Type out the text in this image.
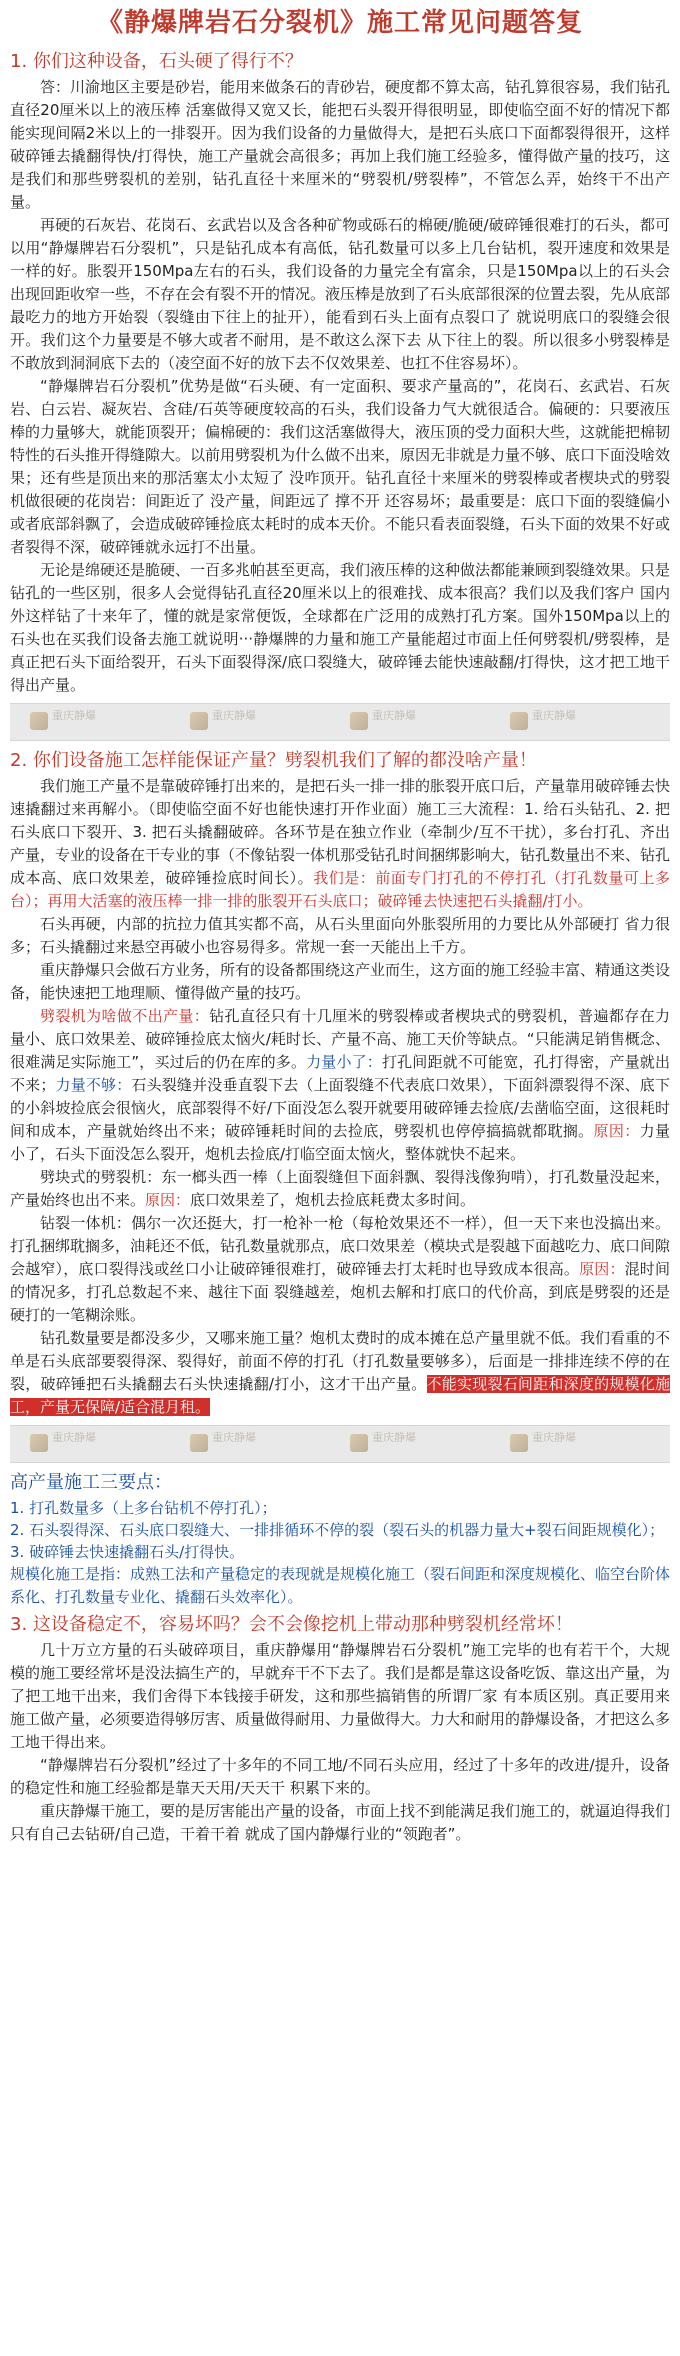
《静爆牌岩石分裂机》施工常见问题答复
1. 你们这种设备，石头硬了得行不？

答：川渝地区主要是砂岩，能用来做条石的青砂岩，硬度都不算太高，钻孔算很容易，我们钻孔直径20厘米以上的液压棒 活塞做得又宽又长，能把石头裂开得很明显，即使临空面不好的情况下都能实现间隔2米以上的一排裂开。因为我们设备的力量做得大，是把石头底口下面都裂得很开，这样破碎锤去撬翻得快/打得快，施工产量就会高很多；再加上我们施工经验多，懂得做产量的技巧，这是我们和那些劈裂机的差别，钻孔直径十来厘米的“劈裂机/劈裂棒”，不管怎么弄，始终干不出产量。

再硬的石灰岩、花岗石、玄武岩以及含各种矿物或砾石的棉硬/脆硬/破碎锤很难打的石头，都可以用“静爆牌岩石分裂机”，只是钻孔成本有高低，钻孔数量可以多上几台钻机，裂开速度和效果是一样的好。胀裂开150Mpa左右的石头，我们设备的力量完全有富余，只是150Mpa以上的石头会出现回距收窄一些，不存在会有裂不开的情况。液压棒是放到了石头底部很深的位置去裂，先从底部最吃力的地方开始裂（裂缝由下往上的扯开），能看到石头上面有点裂口了 就说明底口的裂缝会很开。我们这个力量要是不够大或者不耐用，是不敢这么深下去 从下往上的裂。所以很多小劈裂棒是不敢放到洞洞底下去的（凌空面不好的放下去不仅效果差、也扛不住容易坏）。

“静爆牌岩石分裂机”优势是做“石头硬、有一定面积、要求产量高的”，花岗石、玄武岩、石灰岩、白云岩、凝灰岩、含硅/石英等硬度较高的石头，我们设备力气大就很适合。偏硬的：只要液压棒的力量够大，就能顶裂开；偏棉硬的：我们这活塞做得大，液压顶的受力面积大些，这就能把棉韧特性的石头推开得缝隙大。以前用劈裂机为什么做不出来，原因无非就是力量不够、底口下面没啥效果；还有些是顶出来的那活塞太小太短了 没咋顶开。钻孔直径十来厘米的劈裂棒或者楔块式的劈裂机做很硬的花岗岩：间距近了 没产量，间距远了 撑不开 还容易坏；最重要是：底口下面的裂缝偏小或者底部斜飘了，会造成破碎锤捡底太耗时的成本天价。不能只看表面裂缝，石头下面的效果不好或者裂得不深，破碎锤就永远打不出量。

无论是绵硬还是脆硬、一百多兆帕甚至更高，我们液压棒的这种做法都能兼顾到裂缝效果。只是钻孔的一些区别，很多人会觉得钻孔直径20厘米以上的很难找、成本很高？我们以及我们客户 国内外这样钻了十来年了，懂的就是家常便饭，全球都在广泛用的成熟打孔方案。国外150Mpa以上的石头也在买我们设备去施工就说明···静爆牌的力量和施工产量能超过市面上任何劈裂机/劈裂棒，是真正把石头下面给裂开，石头下面裂得深/底口裂缝大，破碎锤去能快速敲翻/打得快，这才把工地干得出产量。

重庆静爆	重庆静爆	重庆静爆	重庆静爆
2. 你们设备施工怎样能保证产量？劈裂机我们了解的都没啥产量！

我们施工产量不是靠破碎锤打出来的，是把石头一排一排的胀裂开底口后，产量靠用破碎锤去快速撬翻过来再解小。（即使临空面不好也能快速打开作业面）施工三大流程：1. 给石头钻孔、2. 把石头底口下裂开、3. 把石头撬翻破碎。各环节是在独立作业（牵制少/互不干扰），多台打孔、齐出产量，专业的设备在干专业的事（不像钻裂一体机那受钻孔时间捆绑影响大，钻孔数量出不来、钻孔成本高、底口效果差，破碎锤捡底时间长）。我们是：前面专门打孔的不停打孔（打孔数量可上多台）；再用大活塞的液压棒一排一排的胀裂开石头底口；破碎锤去快速把石头撬翻/打小。

石头再硬，内部的抗拉力值其实都不高，从石头里面向外胀裂所用的力要比从外部硬打 省力很多；石头撬翻过来悬空再破小也容易得多。常规一套一天能出上千方。

重庆静爆只会做石方业务，所有的设备都围绕这产业而生，这方面的施工经验丰富、精通这类设备，能快速把工地理顺、懂得做产量的技巧。

劈裂机为啥做不出产量：钻孔直径只有十几厘米的劈裂棒或者楔块式的劈裂机，普遍都存在力量小、底口效果差、破碎锤捡底太恼火/耗时长、产量不高、施工天价等缺点。“只能满足销售概念、很难满足实际施工”，买过后的仍在库的多。力量小了：打孔间距就不可能宽，孔打得密，产量就出不来；力量不够：石头裂缝并没垂直裂下去（上面裂缝不代表底口效果），下面斜漂裂得不深、底下的小斜坡捡底会很恼火，底部裂得不好/下面没怎么裂开就要用破碎锤去捡底/去凿临空面，这很耗时间和成本，产量就始终出不来；破碎锤耗时间的去捡底，劈裂机也停停搞搞就都耽搁。原因：力量小了，石头下面没怎么裂开，炮机去捡底/打临空面太恼火，整体就快不起来。

劈块式的劈裂机：东一榔头西一棒（上面裂缝但下面斜飘、裂得浅像狗啃），打孔数量没起来，产量始终也出不来。原因：底口效果差了，炮机去捡底耗费太多时间。

钻裂一体机：偶尔一次还挺大，打一枪补一枪（每枪效果还不一样），但一天下来也没搞出来。打孔捆绑耽搁多，油耗还不低，钻孔数量就那点，底口效果差（模块式是裂越下面越吃力、底口间隙会越窄），底口裂得浅或丝口小让破碎锤很难打，破碎锤去打太耗时也导致成本很高。原因：混时间的情况多，打孔总数起不来、越往下面 裂缝越差，炮机去解和打底口的代价高，到底是劈裂的还是硬打的一笔糊涂账。

钻孔数量要是都没多少，又哪来施工量？炮机太费时的成本摊在总产量里就不低。我们看重的不单是石头底部要裂得深、裂得好，前面不停的打孔（打孔数量要够多），后面是一排排连续不停的在裂，破碎锤把石头撬翻去石头快速撬翻/打小，这才干出产量。不能实现裂石间距和深度的规模化施工，产量无保障/适合混月租。

重庆静爆	重庆静爆	重庆静爆	重庆静爆
高产量施工三要点：

1. 打孔数量多（上多台钻机不停打孔）；

2. 石头裂得深、石头底口裂缝大、一排排循环不停的裂（裂石头的机器力量大+裂石间距规模化）；

3. 破碎锤去快速撬翻石头/打得快。

规模化施工是指：成熟工法和产量稳定的表现就是规模化施工（裂石间距和深度规模化、临空台阶体系化、打孔数量专业化、撬翻石头效率化）。

3. 这设备稳定不，容易坏吗？会不会像挖机上带动那种劈裂机经常坏！

几十万立方量的石头破碎项目，重庆静爆用“静爆牌岩石分裂机”施工完毕的也有若干个，大规模的施工要经常坏是没法搞生产的，早就弃干不下去了。我们是都是靠这设备吃饭、靠这出产量，为了把工地干出来，我们舍得下本钱接手研发，这和那些搞销售的所谓厂家 有本质区别。真正要用来施工做产量，必须要造得够厉害、质量做得耐用、力量做得大。力大和耐用的静爆设备，才把这么多工地干得出来。

“静爆牌岩石分裂机”经过了十多年的不同工地/不同石头应用，经过了十多年的改进/提升，设备的稳定性和施工经验都是靠天天用/天天干 积累下来的。

重庆静爆干施工，要的是厉害能出产量的设备，市面上找不到能满足我们施工的，就逼迫得我们只有自己去钻研/自己造，干着干着 就成了国内静爆行业的“领跑者”。
